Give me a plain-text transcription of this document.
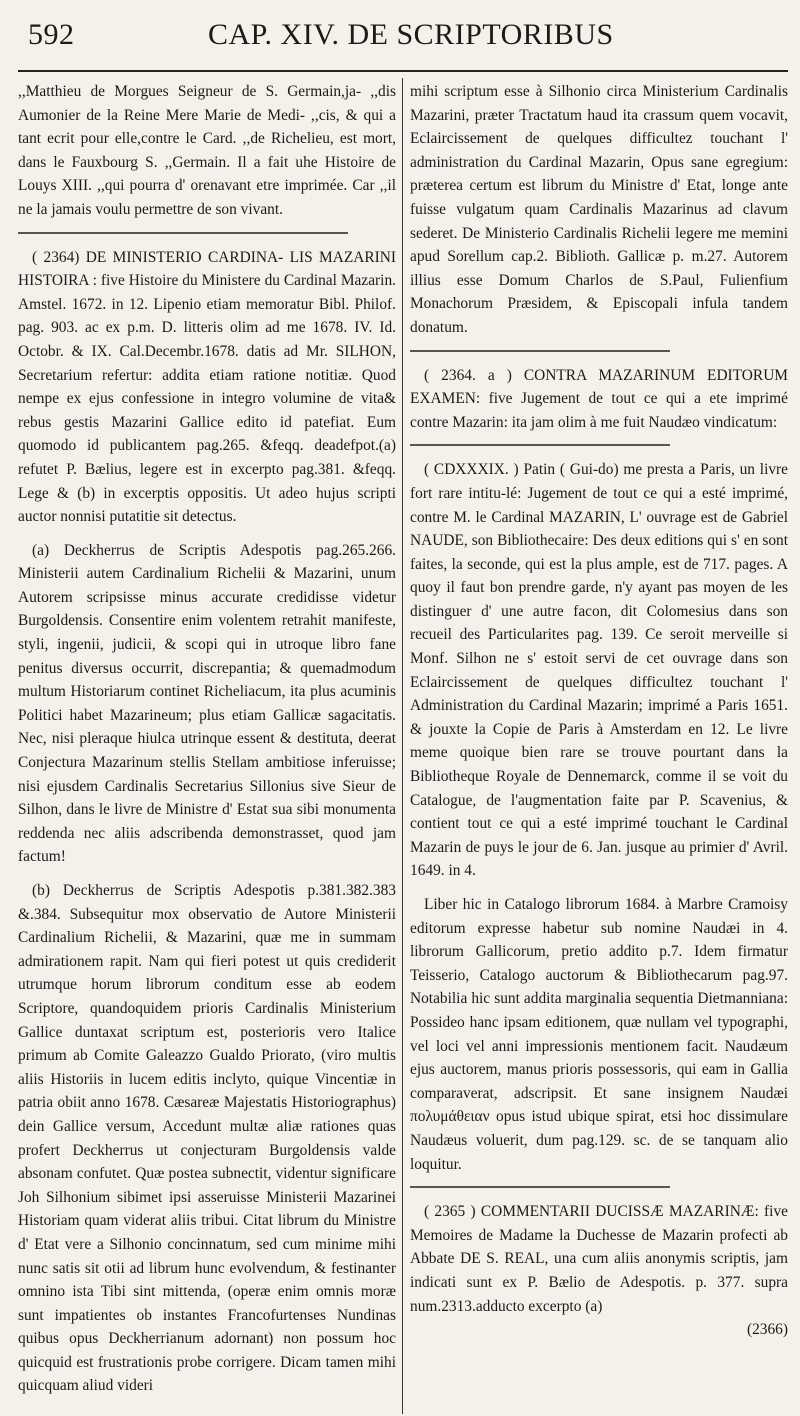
592	CAP. XIV. DE SCRIPTORIBUS

,,Matthieu de Morgues Seigneur de S. Germain,ja- ,,dis Aumonier de la Reine Mere Marie de Medi- ,,cis, & qui a tant ecrit pour elle,contre le Card. ,,de Richelieu, est mort, dans le Fauxbourg S. ,,Germain. Il a fait uhe Histoire de Louys XIII. ,,qui pourra d' orenavant etre imprimée. Car ,,il ne la jamais voulu permettre de son vivant.

( 2364) DE MINISTERIO CARDINA- LIS MAZARINI HISTOIRA : five Histoire du Ministere du Cardinal Mazarin. Amstel. 1672. in 12. Lipenio etiam memoratur Bibl. Philof. pag. 903. ac ex p.m. D. litteris olim ad me 1678. IV. Id. Octobr. & IX. Cal.Decembr.1678. datis ad Mr. SILHON, Secretarium refertur: addita etiam ratione notitiæ. Quod nempe ex ejus confessione in integro volumine de vita& rebus gestis Mazarini Gallice edito id patefiat. Eum quomodo id publicantem pag.265. &feqq. deadefpot.(a) refutet P. Bælius, legere est in excerpto pag.381. &feqq. Lege & (b) in excerptis oppositis. Ut adeo hujus scripti auctor nonnisi putatitie sit detectus.

(a) Deckherrus de Scriptis Adespotis pag.265.266. Ministerii autem Cardinalium Richelii & Mazarini, unum Autorem scripsisse minus accurate credidisse videtur Burgoldensis. Consentire enim volentem retrahit manifeste, styli, ingenii, judicii, & scopi qui in utroque libro fane penitus diversus occurrit, discrepantia; & quemadmodum multum Historiarum continet Richeliacum, ita plus acuminis Politici habet Mazarineum; plus etiam Gallicæ sagacitatis. Nec, nisi pleraque hiulca utrinque essent & destituta, deerat Conjectura Mazarinum stellis Stellam ambitiose inferuisse; nisi ejusdem Cardinalis Secretarius Sillonius sive Sieur de Silhon, dans le livre de Ministre d' Estat sua sibi monumenta reddenda nec aliis adscribenda demonstrasset, quod jam factum!

(b) Deckherrus de Scriptis Adespotis p.381.382.383 &.384. Subsequitur mox observatio de Autore Ministerii Cardinalium Richelii, & Mazarini, quæ me in summam admirationem rapit. Nam qui fieri potest ut quis crediderit utrumque horum librorum conditum esse ab eodem Scriptore, quandoquidem prioris Cardinalis Ministerium Gallice duntaxat scriptum est, posterioris vero Italice primum ab Comite Galeazzo Gualdo Priorato, (viro multis aliis Historiis in lucem editis inclyto, quique Vincentiæ in patria obiit anno 1678. Cæsareæ Majestatis Historiographus) dein Gallice versum, Accedunt multæ aliæ rationes quas profert Deckherrus ut conjecturam Burgoldensis valde absonam confutet. Quæ postea subnectit, videntur significare Joh Silhonium sibimet ipsi asseruisse Ministerii Mazarinei Historiam quam viderat aliis tribui. Citat librum du Ministre d' Etat vere a Silhonio concinnatum, sed cum minime mihi nunc satis sit otii ad librum hunc evolvendum, & festinanter omnino ista Tibi sint mittenda, (operæ enim omnis moræ sunt impatientes ob instantes Francofurtenses Nundinas quibus opus Deckherrianum adornant) non possum hoc quicquid est frustrationis probe corrigere. Dicam tamen mihi quicquam aliud videri

mihi scriptum esse à Silhonio circa Ministerium Cardinalis Mazarini, præter Tractatum haud ita crassum quem vocavit, Eclaircissement de quelques difficultez touchant l' administration du Cardinal Mazarin, Opus sane egregium: præterea certum est librum du Ministre d' Etat, longe ante fuisse vulgatum quam Cardinalis Mazarinus ad clavum sederet. De Ministerio Cardinalis Richelii legere me memini apud Sorellum cap.2. Biblioth. Gallicæ p. m.27. Autorem illius esse Domum Charlos de S.Paul, Fulienfium Monachorum Præsidem, & Episcopali infula tandem donatum.

( 2364. a ) CONTRA MAZARINUM EDITORUM EXAMEN: five Jugement de tout ce qui a ete imprimé contre Mazarin: ita jam olim à me fuit Naudæo vindicatum:

( CDXXXIX. ) Patin ( Gui-do) me presta a Paris, un livre fort rare intitu-lé: Jugement de tout ce qui a esté imprimé, contre M. le Cardinal MAZARIN, L' ouvrage est de Gabriel NAUDE, son Bibliothecaire: Des deux editions qui s' en sont faites, la seconde, qui est la plus ample, est de 717. pages. A quoy il faut bon prendre garde, n'y ayant pas moyen de les distinguer d' une autre facon, dit Colomesius dans son recueil des Particularites pag. 139. Ce seroit merveille si Monf. Silhon ne s' estoit servi de cet ouvrage dans son Eclaircissement de quelques difficultez touchant l' Administration du Cardinal Mazarin; imprimé a Paris 1651. & jouxte la Copie de Paris à Amsterdam en 12. Le livre meme quoique bien rare se trouve pourtant dans la Bibliotheque Royale de Dennemarck, comme il se voit du Catalogue, de l'augmentation faite par P. Scavenius, & contient tout ce qui a esté imprimé touchant le Cardinal Mazarin de puys le jour de 6. Jan. jusque au primier d' Avril. 1649. in 4.

Liber hic in Catalogo librorum 1684. à Marbre Cramoisy editorum expresse habetur sub nomine Naudæi in 4. librorum Gallicorum, pretio addito p.7. Idem firmatur Teisserio, Catalogo auctorum & Bibliothecarum pag.97. Notabilia hic sunt addita marginalia sequentia Dietmanniana: Possideo hanc ipsam editionem, quæ nullam vel typographi, vel loci vel anni impressionis mentionem facit. Naudæum ejus auctorem, manus prioris possessoris, qui eam in Gallia comparaverat, adscripsit. Et sane insignem Naudæi πολυμάθειαν opus istud ubique spirat, etsi hoc dissimulare Naudæus voluerit, dum pag.129. sc. de se tanquam alio loquitur.

( 2365 ) COMMENTARII DUCISSÆ MAZARINÆ: five Memoires de Madame la Duchesse de Mazarin profecti ab Abbate DE S. REAL, una cum aliis anonymis scriptis, jam indicati sunt ex P. Bælio de Adespotis. p. 377. supra num.2313.adducto excerpto (a)

(2366)
